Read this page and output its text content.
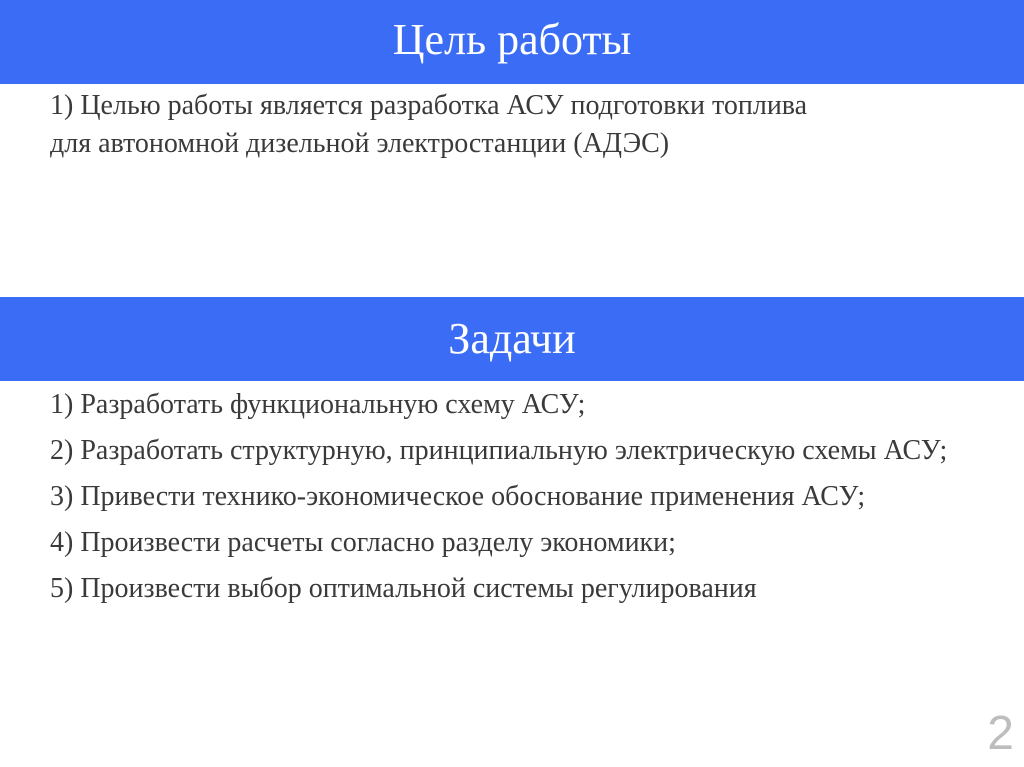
Цель работы
1) Целью работы является разработка АСУ подготовки топлива
для автономной дизельной электростанции (АДЭС)
Задачи
1) Разработать функциональную схему АСУ;
2) Разработать структурную, принципиальную электрическую схемы АСУ;
3) Привести технико-экономическое обоснование применения АСУ;
4) Произвести расчеты согласно разделу экономики;
5) Произвести выбор оптимальной системы регулирования
2
